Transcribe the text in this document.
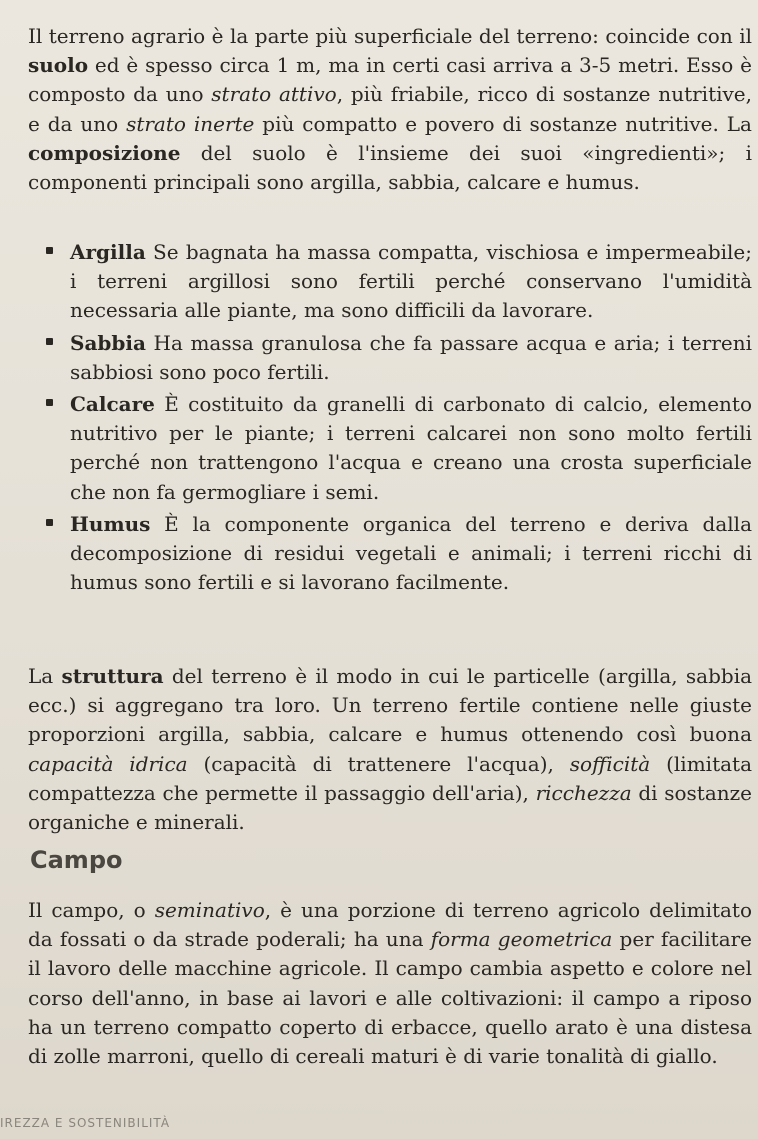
Il terreno agrario è la parte più superficiale del terreno: coincide con il suolo ed è spesso circa 1 m, ma in certi casi arriva a 3-5 metri. Esso è composto da uno strato attivo, più friabile, ricco di sostanze nutritive, e da uno strato inerte più compatto e povero di sostanze nutritive. La composizione del suolo è l'insieme dei suoi «ingredienti»; i componenti principali sono argilla, sabbia, calcare e humus.

Argilla Se bagnata ha massa compatta, vischiosa e impermeabile; i terreni argillosi sono fertili perché conservano l'umidità necessaria alle piante, ma sono difficili da lavorare.

Sabbia Ha massa granulosa che fa passare acqua e aria; i terreni sabbiosi sono poco fertili.

Calcare È costituito da granelli di carbonato di calcio, elemento nutritivo per le piante; i terreni calcarei non sono molto fertili perché non trattengono l'acqua e creano una crosta superficiale che non fa germogliare i semi.

Humus È la componente organica del terreno e deriva dalla decomposizione di residui vegetali e animali; i terreni ricchi di humus sono fertili e si lavorano facilmente.

La struttura del terreno è il modo in cui le particelle (argilla, sabbia ecc.) si aggregano tra loro. Un terreno fertile contiene nelle giuste proporzioni argilla, sabbia, calcare e humus ottenendo così buona capacità idrica (capacità di trattenere l'acqua), sofficità (limitata compattezza che permette il passaggio dell'aria), ricchezza di sostanze organiche e minerali.

Campo

Il campo, o seminativo, è una porzione di terreno agricolo delimitato da fossati o da strade poderali; ha una forma geometrica per facilitare il lavoro delle macchine agricole. Il campo cambia aspetto e colore nel corso dell'anno, in base ai lavori e alle coltivazioni: il campo a riposo ha un terreno compatto coperto di erbacce, quello arato è una distesa di zolle marroni, quello di cereali maturi è di varie tonalità di giallo.

IREZZA E SOSTENIBILITÀ
